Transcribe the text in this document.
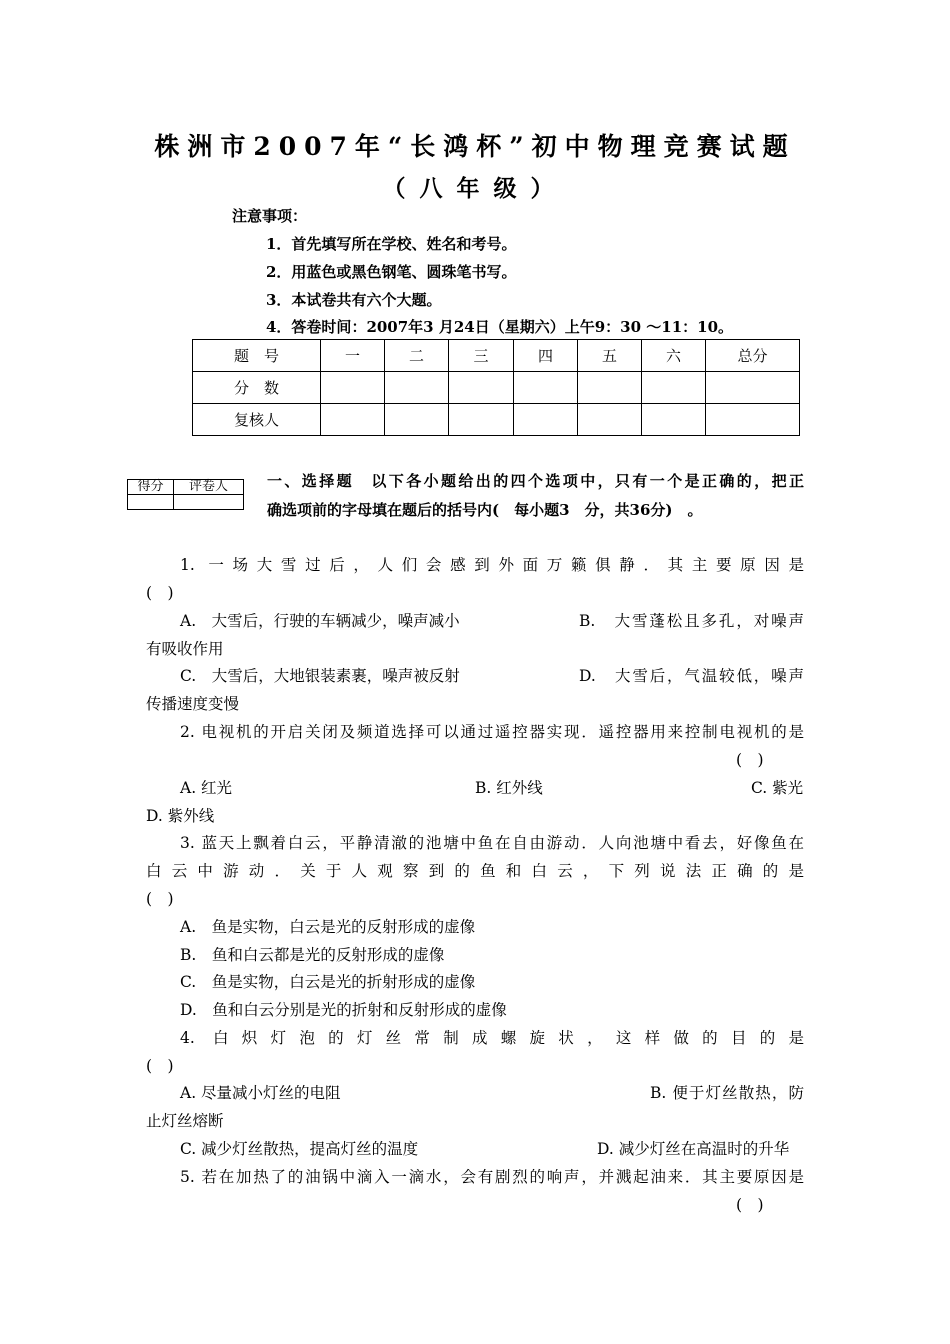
株洲市2007年“长鸿杯”初中物理竞赛试题
（八年级）
注意事项：
1．首先填写所在学校、姓名和考号。
2．用蓝色或黑色钢笔、圆珠笔书写。
3．本试卷共有六个大题。
4．答卷时间：2007年3 月24日（星期六）上午9：30 ～11：10。
题　号	一	二	三	四	五	六	总分
分　数							
复核人							
得分	评卷人
		一、选择题　以下各小题给出的四个选项中，只有一个是正确的，把正
确选项前的字母填在题后的括号内(　每小题3　分，共36分)　。
1. 一场大雪过后，人们会感到外面万籁俱静．其主要原因是
(　)
A.　大雪后，行驶的车辆减少，噪声减小	B.　大雪蓬松且多孔，对噪声
有吸收作用
C.　大雪后，大地银装素裹，噪声被反射	D.　大雪后，气温较低，噪声
传播速度变慢
2. 电视机的开启关闭及频道选择可以通过遥控器实现．遥控器用来控制电视机的是
(　)
A. 红光	B. 红外线	C. 紫光
D. 紫外线
3. 蓝天上飘着白云，平静清澈的池塘中鱼在自由游动．人向池塘中看去，好像鱼在
白云中游动．关于人观察到的鱼和白云，下列说法正确的是
(　)
A.　鱼是实物，白云是光的反射形成的虚像
B.　鱼和白云都是光的反射形成的虚像
C.　鱼是实物，白云是光的折射形成的虚像
D.　鱼和白云分别是光的折射和反射形成的虚像
4. 白炽灯泡的灯丝常制成螺旋状，这样做的目的是
(　)
A. 尽量减小灯丝的电阻	B. 便于灯丝散热，防
止灯丝熔断
C. 减少灯丝散热，提高灯丝的温度	D. 减少灯丝在高温时的升华
5. 若在加热了的油锅中滴入一滴水，会有剧烈的响声，并溅起油来．其主要原因是
(　)
